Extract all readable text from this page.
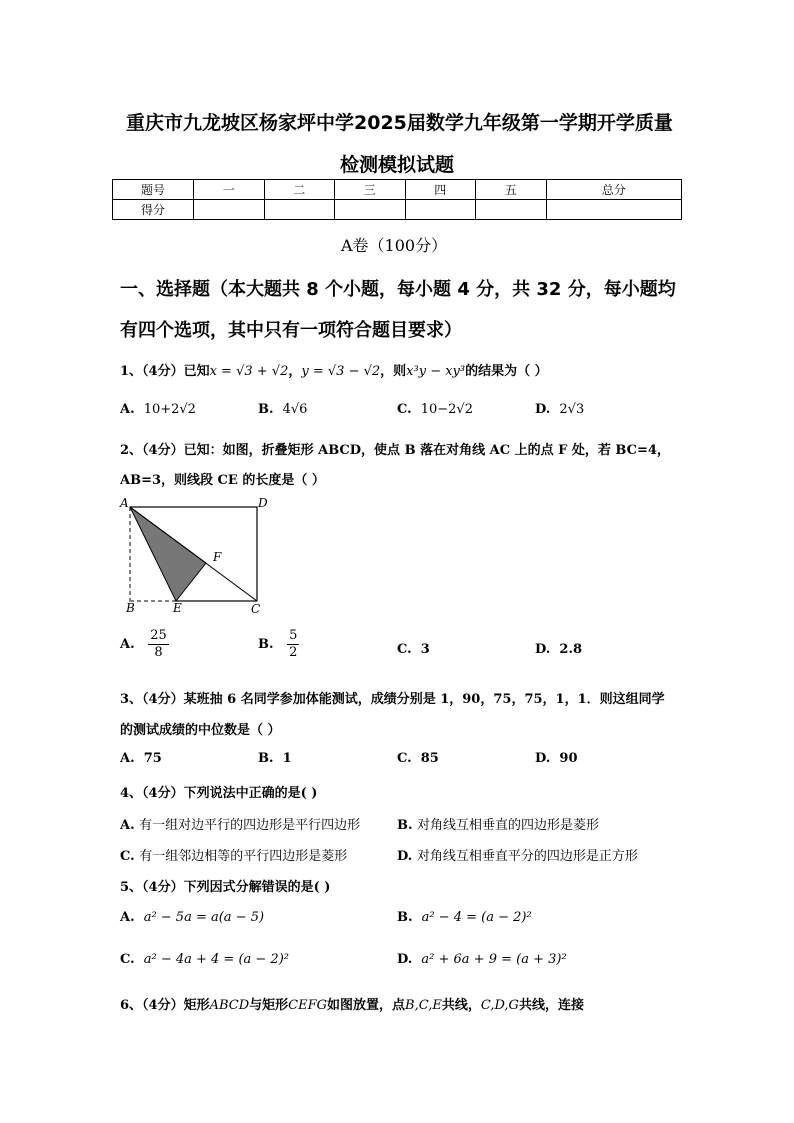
重庆市九龙坡区杨家坪中学2025届数学九年级第一学期开学质量
检测模拟试题
题号	一	二	三	四	五	总分
得分						
A卷（100分）
一、选择题（本大题共 8 个小题，每小题 4 分，共 32 分，每小题均
有四个选项，其中只有一项符合题目要求）
1、（4分）已知x = √3 + √2，y = √3 − √2，则x³y − xy³的结果为（ ）
A. 10+2√2	B. 4√6	C. 10−2√2	D. 2√3
2、（4分）已知：如图，折叠矩形 ABCD，使点 B 落在对角线 AC 上的点 F 处，若 BC=4，
AB=3，则线段 CE 的长度是（ ）
A	D
B	E	C
F
A. $\frac{25}{8}$	B. $\frac{5}{2}$	C. 3	D. 2.8
3、（4分）某班抽 6 名同学参加体能测试，成绩分别是 1，90，75，75，1，1．则这组同学
的测试成绩的中位数是（ ）
A. 75	B. 1	C. 85	D. 90
4、（4分）下列说法中正确的是( )
A. 有一组对边平行的四边形是平行四边形	B. 对角线互相垂直的四边形是菱形
C. 有一组邻边相等的平行四边形是菱形	D. 对角线互相垂直平分的四边形是正方形
5、（4分）下列因式分解错误的是( )
A. a² − 5a = a(a − 5)	B. a² − 4 = (a − 2)²
C. a² − 4a + 4 = (a − 2)²	D. a² + 6a + 9 = (a + 3)²
6、（4分）矩形ABCD与矩形CEFG如图放置，点B,C,E共线，C,D,G共线，连接
